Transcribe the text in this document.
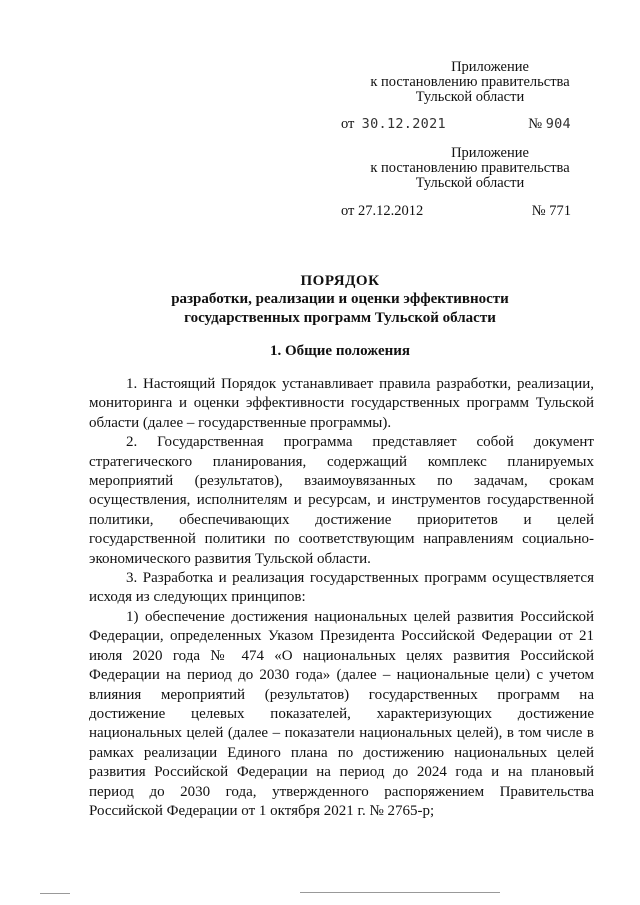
Приложение
к постановлению правительства
Тульской области
от 30.12.2021	№ 904
Приложение
к постановлению правительства
Тульской области
от 27.12.2012	№ 771
ПОРЯДОК
разработки, реализации и оценки эффективности
государственных программ Тульской области
1. Общие положения

1. Настоящий Порядок устанавливает правила разработки, реализации, мониторинга и оценки эффективности государственных программ Тульской области (далее – государственные программы).

2. Государственная программа представляет собой документ стратегического планирования, содержащий комплекс планируемых мероприятий (результатов), взаимоувязанных по задачам, срокам осуществления, исполнителям и ресурсам, и инструментов государственной политики, обеспечивающих достижение приоритетов и целей государственной политики по соответствующим направлениям социально-экономического развития Тульской области.

3. Разработка и реализация государственных программ осуществляется исходя из следующих принципов:

1) обеспечение достижения национальных целей развития Российской Федерации, определенных Указом Президента Российской Федерации от 21 июля 2020 года № 474 «О национальных целях развития Российской Федерации на период до 2030 года» (далее – национальные цели) с учетом влияния мероприятий (результатов) государственных программ на достижение целевых показателей, характеризующих достижение национальных целей (далее – показатели национальных целей), в том числе в рамках реализации Единого плана по достижению национальных целей развития Российской Федерации на период до 2024 года и на плановый период до 2030 года, утвержденного распоряжением Правительства Российской Федерации от 1 октября 2021 г. № 2765-р;
